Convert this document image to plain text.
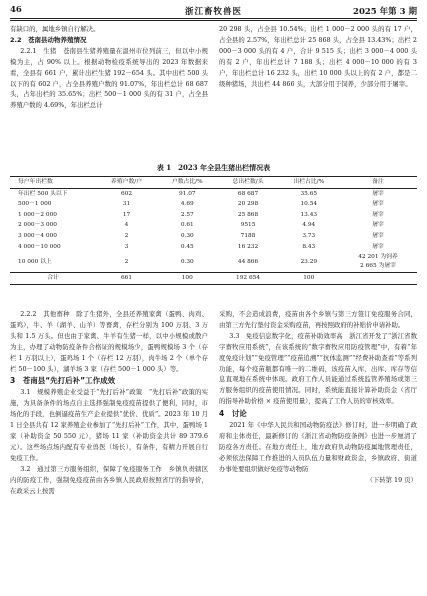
46	浙江畜牧兽医	2025 年第 3 期

有缺口的，属地乡镇自行解决。

2.2　苍南县动物养殖情况

2.2.1　生猪　苍南县生猪养殖量在温州市位列前三，但以中小规模为主，占 90% 以上。根据动物检疫系统导出的 2023 年数据来看，全县有 661 户，累计出栏生猪 192－654 头。其中出栏 500 头以下的有 602 户，占全县养殖户数的 91.07%，年出栏总计 68 687 头，占年出栏的 35.65%；出栏 500－1 000 头的有 31 户，占全县养殖户数的 4.69%，年出栏总计

20 298 头，占全县 10.54%；出栏 1 000－2 000 头的有 17 户，占全县的 2.57%，年出栏总计 25 868 头，占全县 13.43%；出栏 2 000－3 000 头的有 4 户，合计 9 515 头；出栏 3 000－4 000 头的有 2 户，年出栏总计 7 188 头；出栏 4 000－10 000 的有 3 户，年出栏总计 16 232 头，出栏 10 000 头以上的有 2 户，都是二级种猪场，共出栏 44 866 头，大部分用于饲养，少部分用于屠宰。

表 1　2023 年全县生猪出栏情况表
每户年出栏数	养殖户数/户	户数占比/%	总出栏数/头	出栏占比/%	备注
年出栏 500 头以下	602	91.07	68 687	35.65	屠宰
500－1 000	31	4.69	20 298	10.54	屠宰
1 000－2 000	17	2.57	25 868	13.43	屠宰
2 000－3 000	4	0.61	9515	4.94	屠宰
3 000－4 000	2	0.30	7188	3.73	屠宰
4 000－10 000	3	0.45	16 232	8.43	屠宰
10 000 以上	2	0.30	44 866	23.29	42 201 为饲养
2 665 为屠宰
合计	661	100	192 654	100	

2.2.2　其他畜种　除了生猪外，全县还养殖家禽（蛋鸭、肉鸡、蛋鸡），牛、羊（湖羊、山羊）等畜禽，存栏分别为 100 万羽、3 万头和 1.5 万头。但也由于家禽、牛羊有生猪一样，以中小规模或散户为主，办理了动物防疫条件合格证的规模场少，蛋鸭规模场 3 个（存栏 1 万羽以上），蛋鸡场 1 个（存栏 12 万羽），肉牛场 2 个（单个存栏 50－100 头），湖羊场 3 家（存栏 500－1 000 头）等。

3　苍南县“先打后补”工作成效

3.1　规模养殖企业受益于“先打后补”政策　“先打后补”政策的实施，为具备条件的场点自主选择强制免疫疫苗提供了便利，同时，市场化的手段，也倒逼疫苗生产企业提供“优价、优质”。2023 年 10 月1 日全县共有 12 家养殖企业参加了“先打后补”工作，其中，蛋鸭场 1 家（补助资金 50 550 元），猪场 11 家（补助资金共计 89 379.6 元）。这些场点场内配有专业兽医（场长），有条件，有精力开展自行免疫工作。

3.2　通过第三方服务组织，保障了免疫服务工作　乡镇负责辖区内的防疫工作，强制免疫疫苗由各乡镇人民政府按照省厅的指导价，在政采云上按需

采购，不会造成浪费，疫苗由各个乡镇与第三方签订免疫服务合同，由第三方先行垫付资金采购疫苗，再按照政府的补贴价申请补助。

3.3　免疫信息数字化，疫苗补助效率高　浙江省开发了“浙江省数字畜牧应用系统”，在该系统的“数字畜牧应用防疫管理”中，有着“年度免疫计划”“免疫管理”“疫苗追溯”“抗体监测”“经费补助查看”等系列功能，每个疫苗瓶都有唯一的二维码，该疫苗入库、出库、库存等信息直观地在系统中体现。政府工作人员能通过系统监管养殖场或第三方服务组织的疫苗使用情况。同时，系统能直接计算补助资金（省厅的指导补助价格 × 疫苗使用量），提高了工作人员的审核效率。

4　讨论

2021 年《中华人民共和国动物防疫法》修订时，进一步明确了政府和主体责任，最新修订的《浙江省动物防疫条例》也进一步厘清了防疫各方责任。在地方责任上，地方政府负动物防疫属地管理责任，必须依法保障工作推进的人员队伍力量和财政资金，乡镇政府、街道办事处要组织做好免疫等动物防

（下转第 19 页）
